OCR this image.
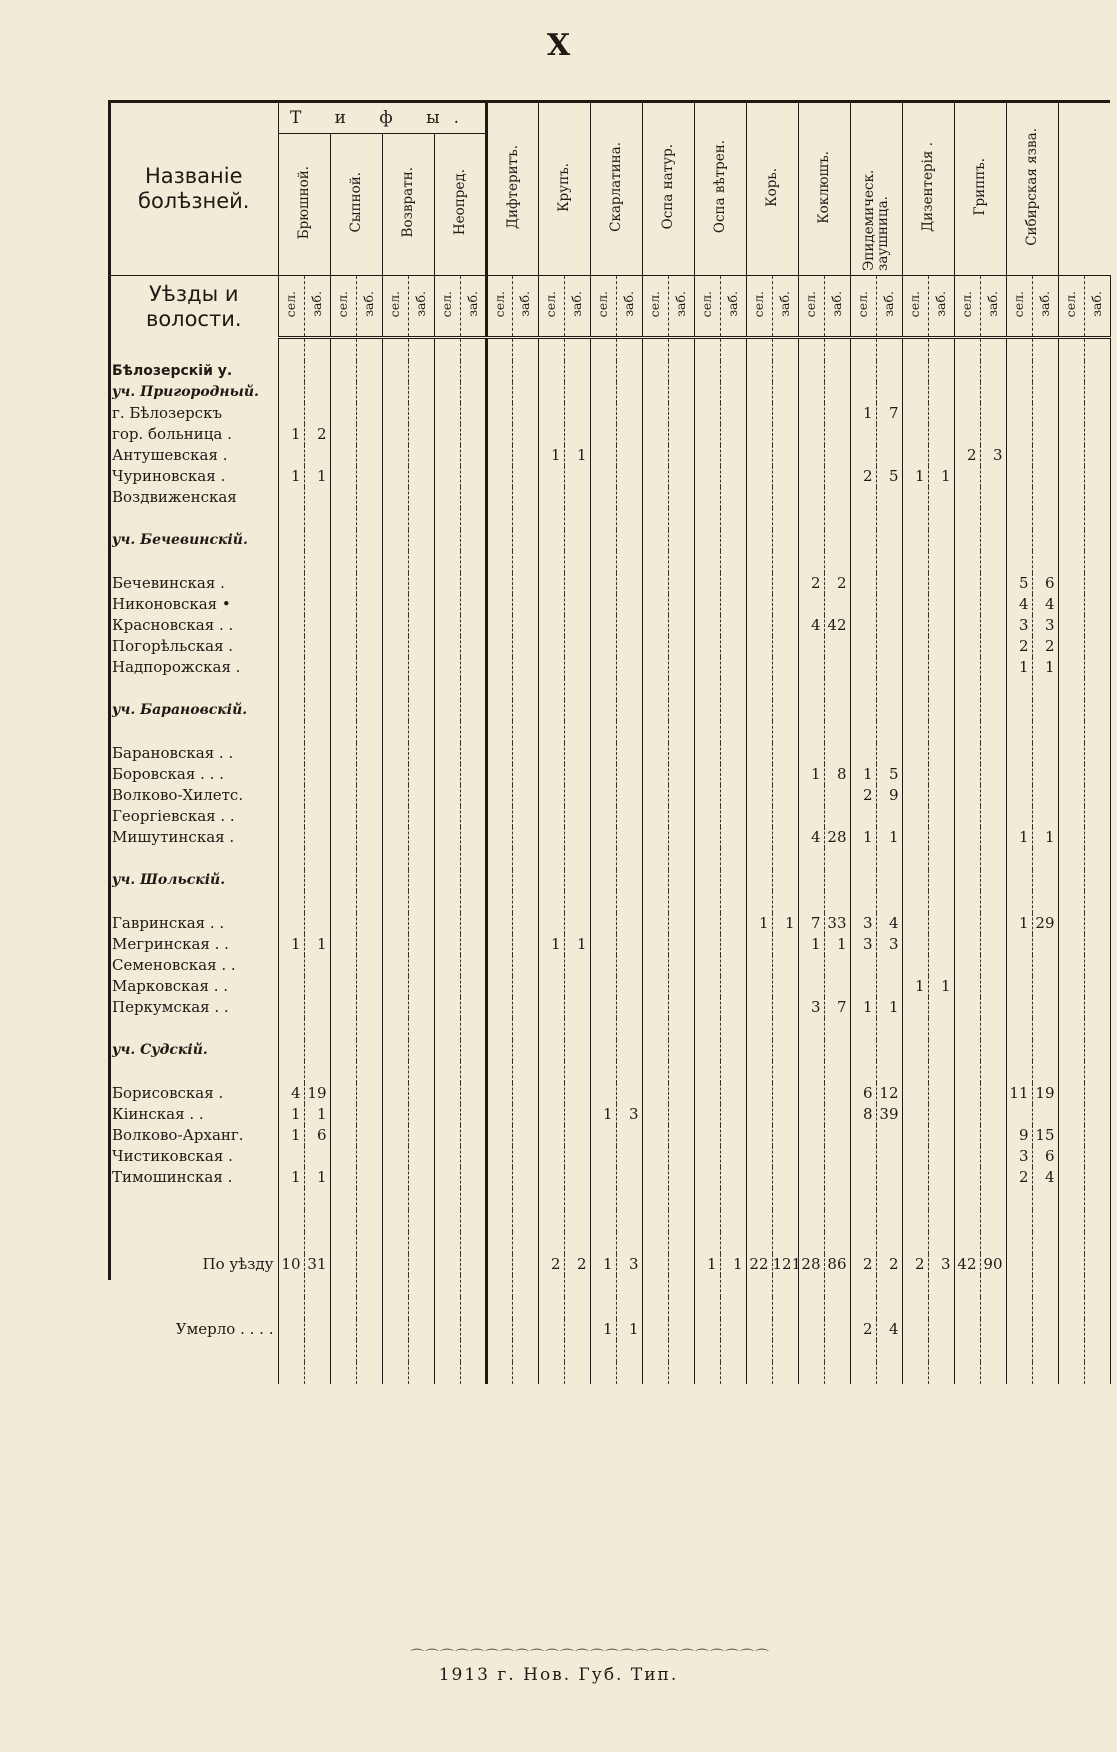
X
Названіе болѣзней.	Т и ф ы.								Дифтеритъ.		Крупъ.		Скарлатина.		Оспа натур.		Оспа вѣтрен.		Корь.		Коклюшъ.		Эпидемическ. заушница.		Дизентерія .		Гриппъ.		Сибирская язва.			
	Брюшной.		Сыпной.		Возвратн.		Неопред.																									
Уѣзды и волости.	сел.	заб.	сел.	заб.	сел.	заб.	сел.	заб.	сел.	заб.	сел.	заб.	сел.	заб.	сел.	заб.	сел.	заб.	сел.	заб.	сел.	заб.	сел.	заб.	сел.	заб.	сел.	заб.	сел.	заб.	сел.	заб.

Бѣлозерскій у.																																
уч. Пригородный.																																
г. Бѣлозерскъ																							1	7								
гор. больница .	1	2																														
Антушевская .											1	1															2	3				
Чуриновская .	1	1																					2	5	1	1						
Воздвиженская																																

уч. Бечевинскій.																																

Бечевинская .																					2	2							5	6		
Никоновская •																													4	4		
Красновская . .																					4	42							3	3		
Погорѣльская .																													2	2		
Надпорожская .																													1	1		

уч. Барановскій.																																

Барановская . .																																
Боровская . . .																					1	8	1	5								
Волково-Хилетс.																							2	9								
Георгіевская . .																																
Мишутинская .																					4	28	1	1					1	1		

уч. Шольскій.																																

Гавринская . .																			1	1	7	33	3	4					1	29		
Мегринская . .	1	1									1	1									1	1	3	3								
Семеновская . .																																
Марковская . .																									1	1						
Перкумская . .																					3	7	1	1								

уч. Судскій.																																

Борисовская .	4	19																					6	12					11	19		
Кіинская . .	1	1											1	3									8	39								
Волково-Арханг.	1	6																											9	15		
Чистиковская .																													3	6		
Тимошинская .	1	1																											2	4		

По уѣзду	10	31									2	2	1	3			1	1	22	121	28	86	2	2	2	3	42	90				

Умерло . . . .													1	1									2	4								

⌒⌒⌒⌒⌒⌒⌒⌒⌒⌒⌒⌒⌒⌒⌒⌒⌒⌒⌒⌒⌒⌒⌒⌒
1913 г. Нов. Губ. Тип.
